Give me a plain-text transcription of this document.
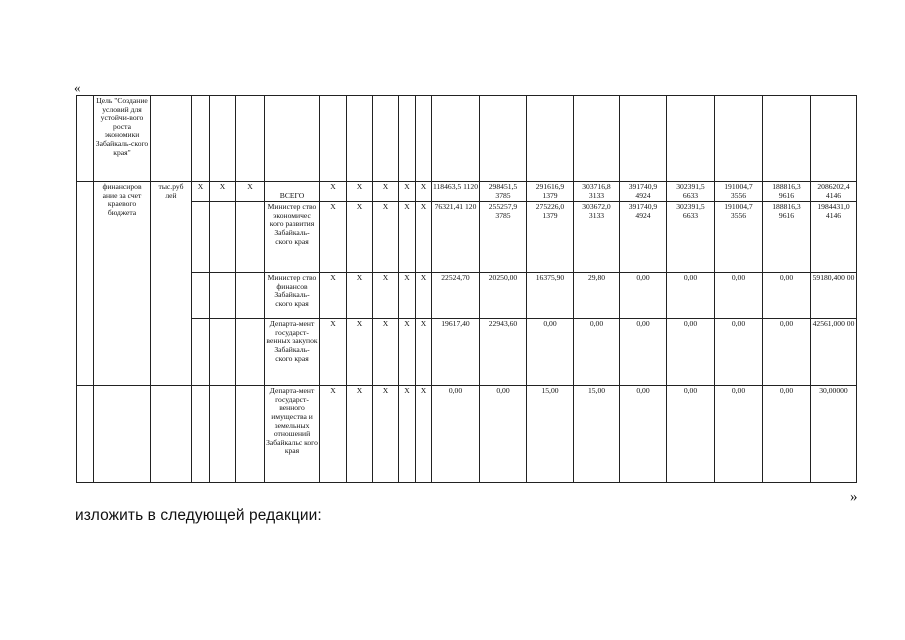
«
	Цель "Создание условий для устойчи-вого роста экономики Забайкаль-ского края"																			
	финансиров ание за счет краевого бюджета	тыс.руб лей	X	X	X	ВСЕГО	X	X	X	X	X	118463,5 1120	298451,5 3785	291616,9 1379	303716,8 3133	391740,9 4924	302391,5 6633	191004,7 3556	188816,3 9616	2086202,4 4146
						Министер ство экономичес кого развития Забайкаль-ского края	X	X	X	X	X	76321,41 120	255257,9 3785	275226,0 1379	303672,0 3133	391740,9 4924	302391,5 6633	191004,7 3556	188816,3 9616	1984431,0 4146
						Министер ство финансов Забайкаль-ского края	X	X	X	X	X	22524,70	20250,00	16375,90	29,80	0,00	0,00	0,00	0,00	59180,400 00
						Департа-мент государст-венных закупок Забайкаль-ского края	X	X	X	X	X	19617,40	22943,60	0,00	0,00	0,00	0,00	0,00	0,00	42561,000 00
						Департа-мент государст-венного имущества и земельных отношений Забайкальс кого края	X	X	X	X	X	0,00	0,00	15,00	15,00	0,00	0,00	0,00	0,00	30,00000
»
изложить в следующей редакции:
